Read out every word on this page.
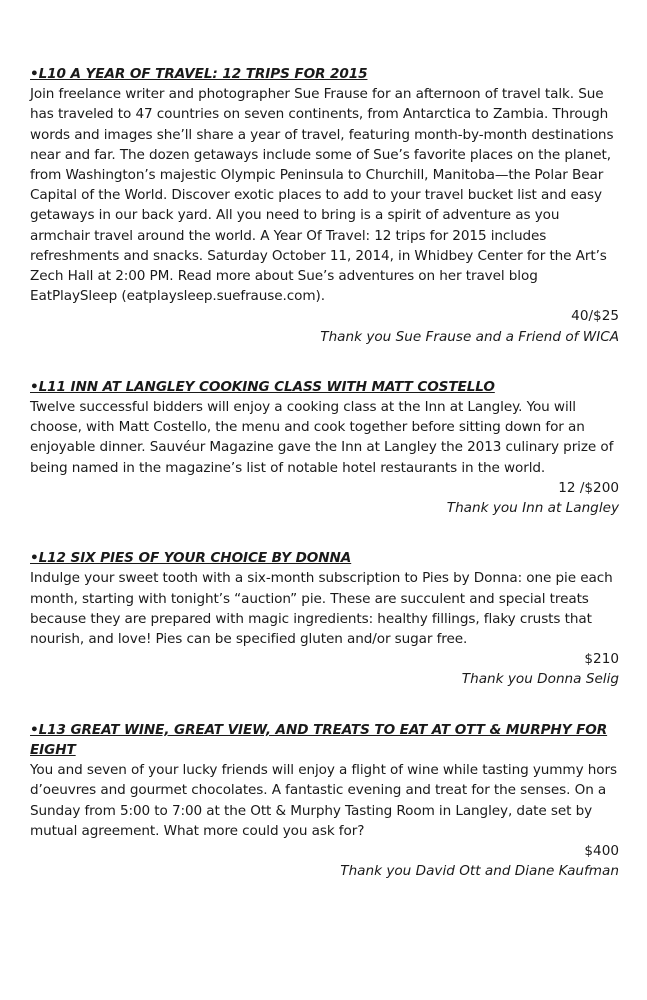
•L10 A YEAR OF TRAVEL: 12 TRIPS FOR 2015

Join freelance writer and photographer Sue Frause for an afternoon of travel talk. Sue has traveled to 47 countries on seven continents, from Antarctica to Zambia. Through words and images she’ll share a year of travel, featuring month-by-month destinations near and far. The dozen getaways include some of Sue’s favorite places on the planet, from Washington’s majestic Olympic Peninsula to Churchill, Manitoba—the Polar Bear Capital of the World. Discover exotic places to add to your travel bucket list and easy getaways in our back yard. All you need to bring is a spirit of adventure as you armchair travel around the world. A Year Of Travel: 12 trips for 2015 includes refreshments and snacks. Saturday October 11, 2014, in Whidbey Center for the Art’s Zech Hall at 2:00 PM. Read more about Sue’s adventures on her travel blog EatPlaySleep (eatplaysleep.suefrause.com).

40/$25

Thank you Sue Frause and a Friend of WICA

•L11 INN AT LANGLEY COOKING CLASS WITH MATT COSTELLO

Twelve successful bidders will enjoy a cooking class at the Inn at Langley. You will choose, with Matt Costello, the menu and cook together before sitting down for an enjoyable dinner. Sauvéur Magazine gave the Inn at Langley the 2013 culinary prize of being named in the magazine’s list of notable hotel restaurants in the world.

12 /$200

Thank you Inn at Langley

•L12 SIX PIES OF YOUR CHOICE BY DONNA

Indulge your sweet tooth with a six-month subscription to Pies by Donna: one pie each month, starting with tonight’s “auction” pie. These are succulent and special treats because they are prepared with magic ingredients: healthy fillings, flaky crusts that nourish, and love! Pies can be specified gluten and/or sugar free.

$210

Thank you Donna Selig

•L13 GREAT WINE, GREAT VIEW, AND TREATS TO EAT AT OTT & MURPHY FOR EIGHT

You and seven of your lucky friends will enjoy a flight of wine while tasting yummy hors d’oeuvres and gourmet chocolates. A fantastic evening and treat for the senses. On a Sunday from 5:00 to 7:00 at the Ott & Murphy Tasting Room in Langley, date set by mutual agreement. What more could you ask for?

$400

Thank you David Ott and Diane Kaufman
